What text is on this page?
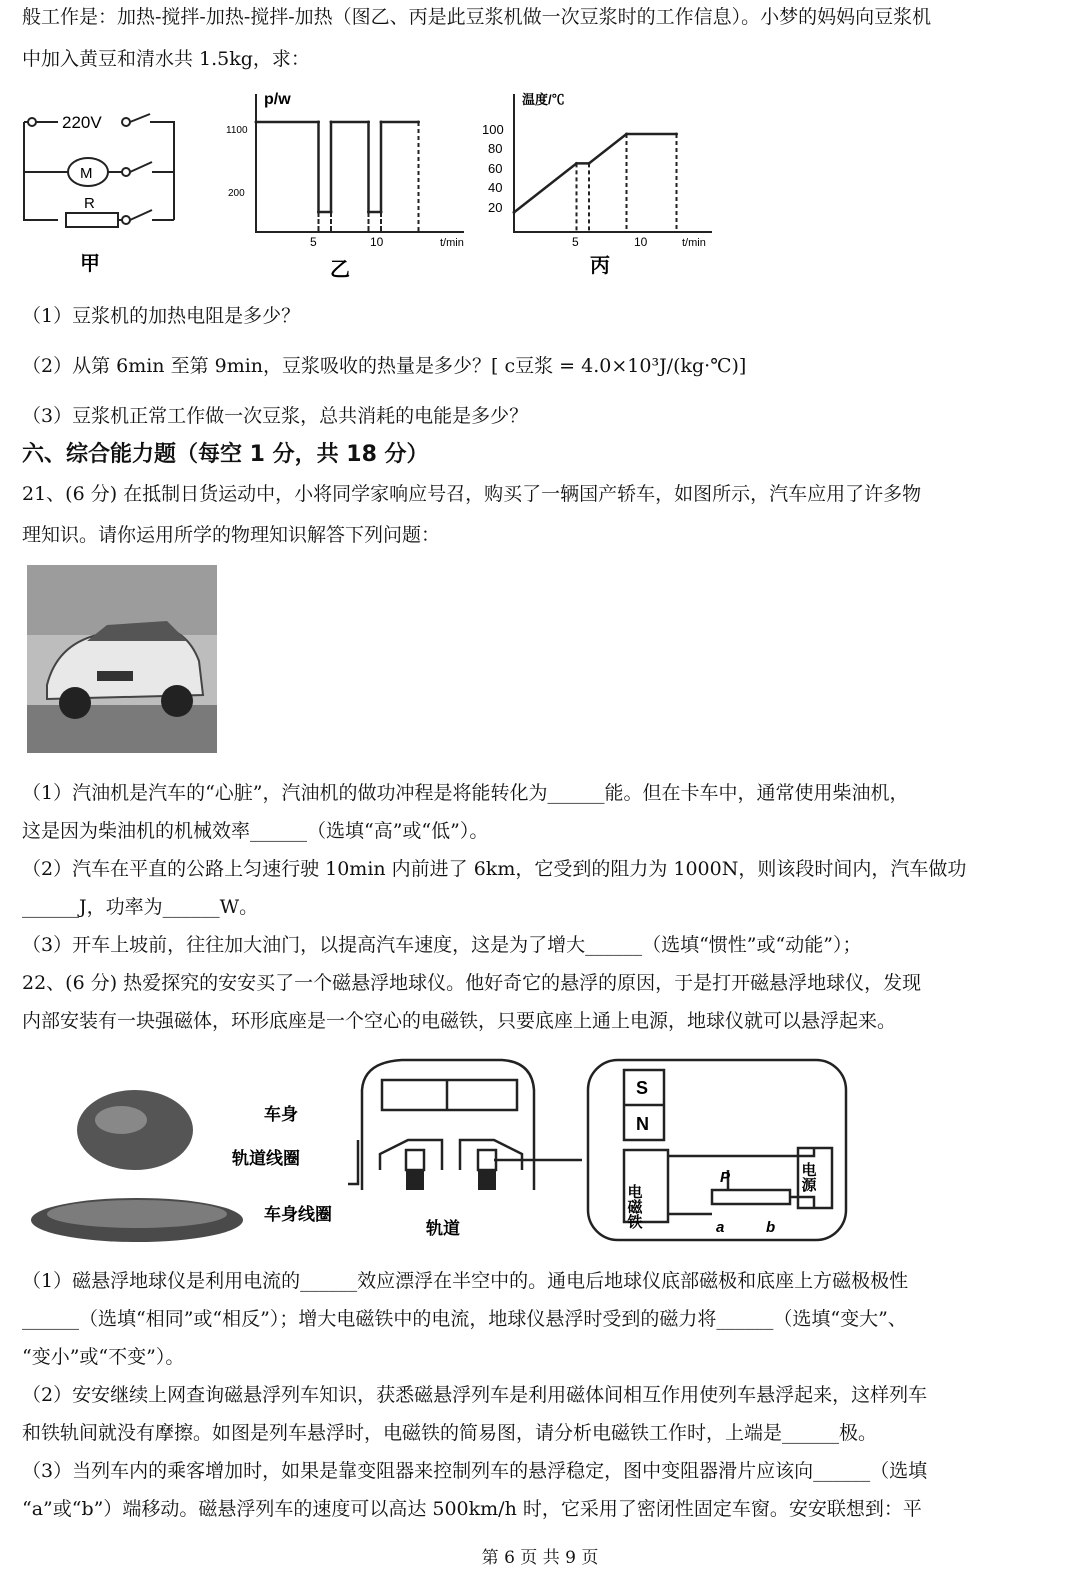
般工作是：加热-搅拌-加热-搅拌-加热（图乙、丙是此豆浆机做一次豆浆时的工作信息）。小梦的妈妈向豆浆机
中加入黄豆和清水共 1.5kg，求：
220V
M
R
甲
p/w
t/min
1100
200
5	10
乙
温度/℃
t/min
100
80
60
40
20
5	10
丙
（1）豆浆机的加热电阻是多少？
（2）从第 6min 至第 9min，豆浆吸收的热量是多少？[ c豆浆 = 4.0×10³J/(kg·℃)]
（3）豆浆机正常工作做一次豆浆，总共消耗的电能是多少？
六、综合能力题（每空 1 分，共 18 分）
21、(6 分) 在抵制日货运动中，小将同学家响应号召，购买了一辆国产轿车，如图所示，汽车应用了许多物
理知识。请你运用所学的物理知识解答下列问题：
（1）汽油机是汽车的“心脏”，汽油机的做功冲程是将能转化为______能。但在卡车中，通常使用柴油机，
这是因为柴油机的机械效率______（选填“高”或“低”）。
（2）汽车在平直的公路上匀速行驶 10min 内前进了 6km，它受到的阻力为 1000N，则该段时间内，汽车做功
______J，功率为______W。
（3）开车上坡前，往往加大油门，以提高汽车速度，这是为了增大______（选填“惯性”或“动能”）；
22、(6 分) 热爱探究的安安买了一个磁悬浮地球仪。他好奇它的悬浮的原因，于是打开磁悬浮地球仪，发现
内部安装有一块强磁体，环形底座是一个空心的电磁铁，只要底座上通上电源，地球仪就可以悬浮起来。
车身
轨道线圈
车身线圈
轨道
S
N
电磁铁
电源
P
a	b
（1）磁悬浮地球仪是利用电流的______效应漂浮在半空中的。通电后地球仪底部磁极和底座上方磁极极性
______（选填“相同”或“相反”）；增大电磁铁中的电流，地球仪悬浮时受到的磁力将______（选填“变大”、
“变小”或“不变”）。
（2）安安继续上网查询磁悬浮列车知识，获悉磁悬浮列车是利用磁体间相互作用使列车悬浮起来，这样列车
和铁轨间就没有摩擦。如图是列车悬浮时，电磁铁的简易图，请分析电磁铁工作时，上端是______极。
（3）当列车内的乘客增加时，如果是靠变阻器来控制列车的悬浮稳定，图中变阻器滑片应该向______（选填
“a”或“b”）端移动。磁悬浮列车的速度可以高达 500km/h 时，它采用了密闭性固定车窗。安安联想到：平
第 6 页 共 9 页
